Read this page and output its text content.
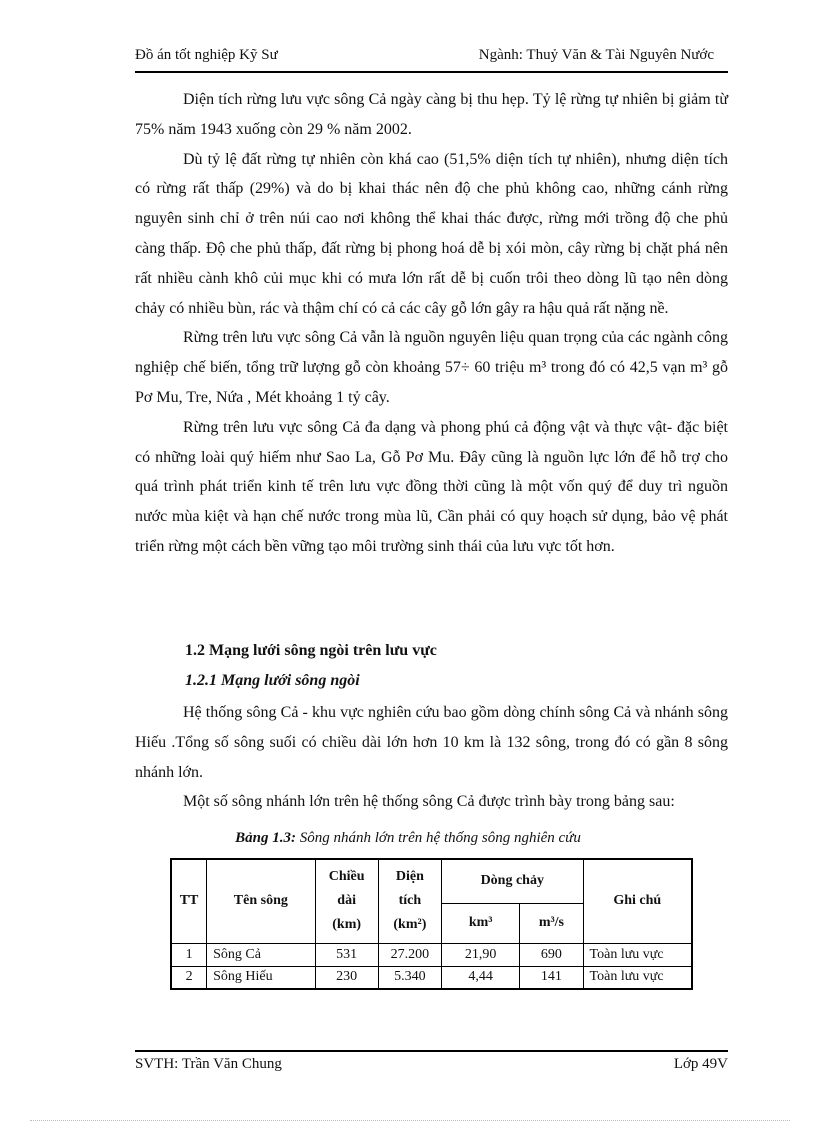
Đồ án tốt nghiệp Kỹ Sư	Ngành: Thuỷ Văn & Tài Nguyên Nước

Diện tích rừng lưu vực sông Cả ngày càng bị thu hẹp. Tỷ lệ rừng tự nhiên bị giảm từ 75% năm 1943 xuống còn 29 % năm 2002.

Dù tỷ lệ đất rừng tự nhiên còn khá cao (51,5% diện tích tự nhiên), nhưng diện tích có rừng rất thấp (29%) và do bị khai thác nên độ che phủ không cao, những cánh rừng nguyên sinh chỉ ở trên núi cao nơi không thể khai thác được, rừng mới trồng độ che phủ càng thấp. Độ che phủ thấp, đất rừng bị phong hoá dễ bị xói mòn, cây rừng bị chặt phá nên rất nhiều cành khô củi mục khi có mưa lớn rất dễ bị cuốn trôi theo dòng lũ tạo nên dòng chảy có nhiều bùn, rác và thậm chí có cả các cây gỗ lớn gây ra hậu quả rất nặng nề.

Rừng trên lưu vực sông Cả vẫn là nguồn nguyên liệu quan trọng của các ngành công nghiệp chế biến, tổng trữ lượng gỗ còn khoảng 57÷ 60 triệu m³ trong đó có 42,5 vạn m³ gỗ Pơ Mu, Tre, Nứa , Mét khoảng 1 tỷ cây.

Rừng trên lưu vực sông Cả đa dạng và phong phú cả động vật và thực vật- đặc biệt có những loài quý hiếm như Sao La, Gỗ Pơ Mu. Đây cũng là nguồn lực lớn để hỗ trợ cho quá trình phát triển kinh tế trên lưu vực đồng thời cũng là một vốn quý để duy trì nguồn nước mùa kiệt và hạn chế nước trong mùa lũ, Cần phải có quy hoạch sử dụng, bảo vệ phát triển rừng một cách bền vững tạo môi trường sinh thái của lưu vực tốt hơn.

1.2 Mạng lưới sông ngòi trên lưu vực
1.2.1 Mạng lưới sông ngòi

Hệ thống sông Cả - khu vực nghiên cứu bao gồm dòng chính sông Cả và nhánh sông Hiếu .Tổng số sông suối có chiều dài lớn hơn 10 km là 132 sông, trong đó có gần 8 sông nhánh lớn.

Một số sông nhánh lớn trên hệ thống sông Cả được trình bày trong bảng sau:

Bảng 1.3: Sông nhánh lớn trên hệ thống sông nghiên cứu
TT	Tên sông	Chiều dài (km)	Diện tích (km²)	Dòng chảy		Ghi chú
				km³	m³/s	
1	Sông Cả	531	27.200	21,90	690	Toàn lưu vực
2	Sông Hiếu	230	5.340	4,44	141	Toàn lưu vực
SVTH: Trần Văn Chung	Lớp 49V
